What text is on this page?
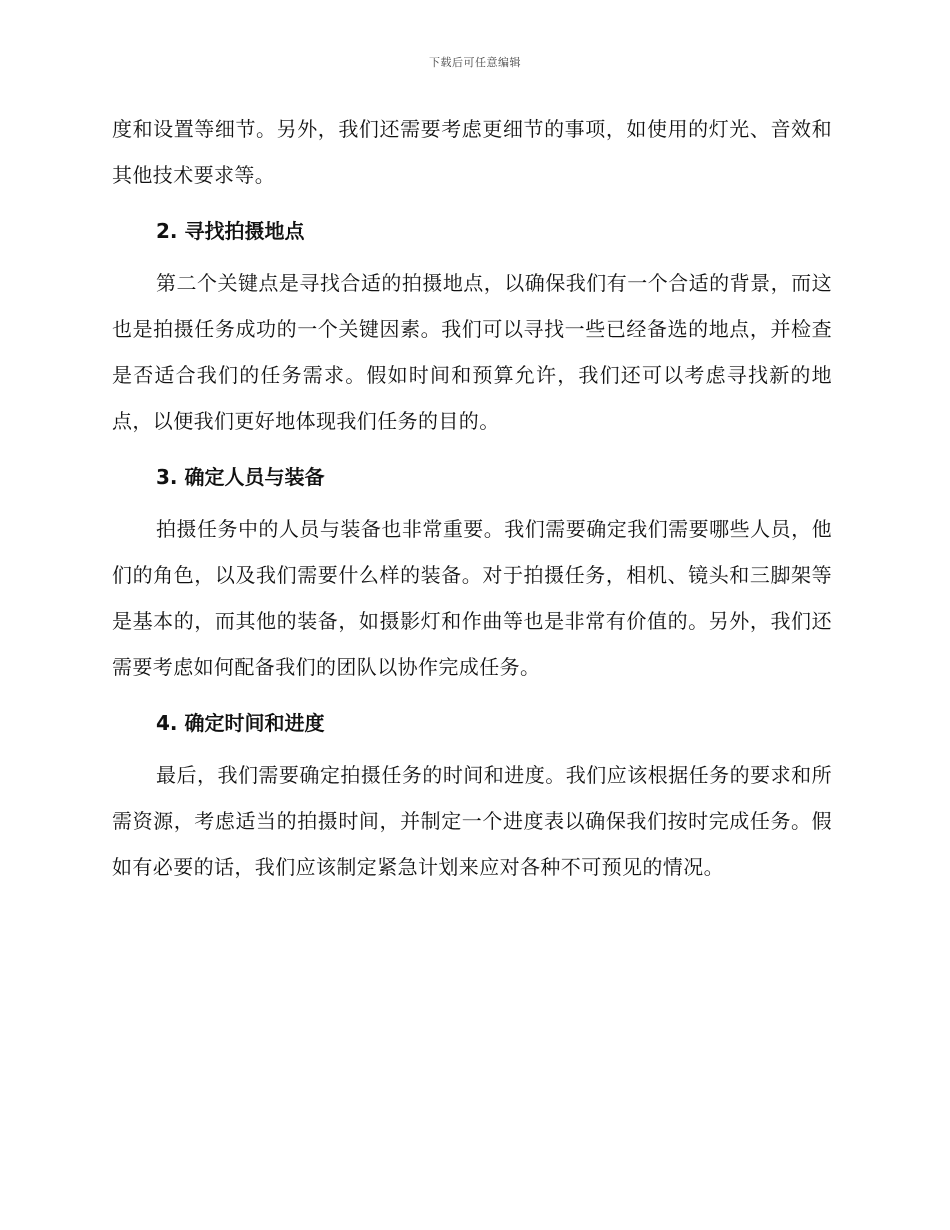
下载后可任意编辑

度和设置等细节。另外，我们还需要考虑更细节的事项，如使用的灯光、音效和其他技术要求等。

2. 寻找拍摄地点

第二个关键点是寻找合适的拍摄地点，以确保我们有一个合适的背景，而这也是拍摄任务成功的一个关键因素。我们可以寻找一些已经备选的地点，并检查是否适合我们的任务需求。假如时间和预算允许，我们还可以考虑寻找新的地点，以便我们更好地体现我们任务的目的。

3. 确定人员与装备

拍摄任务中的人员与装备也非常重要。我们需要确定我们需要哪些人员，他们的角色，以及我们需要什么样的装备。对于拍摄任务，相机、镜头和三脚架等是基本的，而其他的装备，如摄影灯和作曲等也是非常有价值的。另外，我们还需要考虑如何配备我们的团队以协作完成任务。

4. 确定时间和进度

最后，我们需要确定拍摄任务的时间和进度。我们应该根据任务的要求和所需资源，考虑适当的拍摄时间，并制定一个进度表以确保我们按时完成任务。假如有必要的话，我们应该制定紧急计划来应对各种不可预见的情况。
